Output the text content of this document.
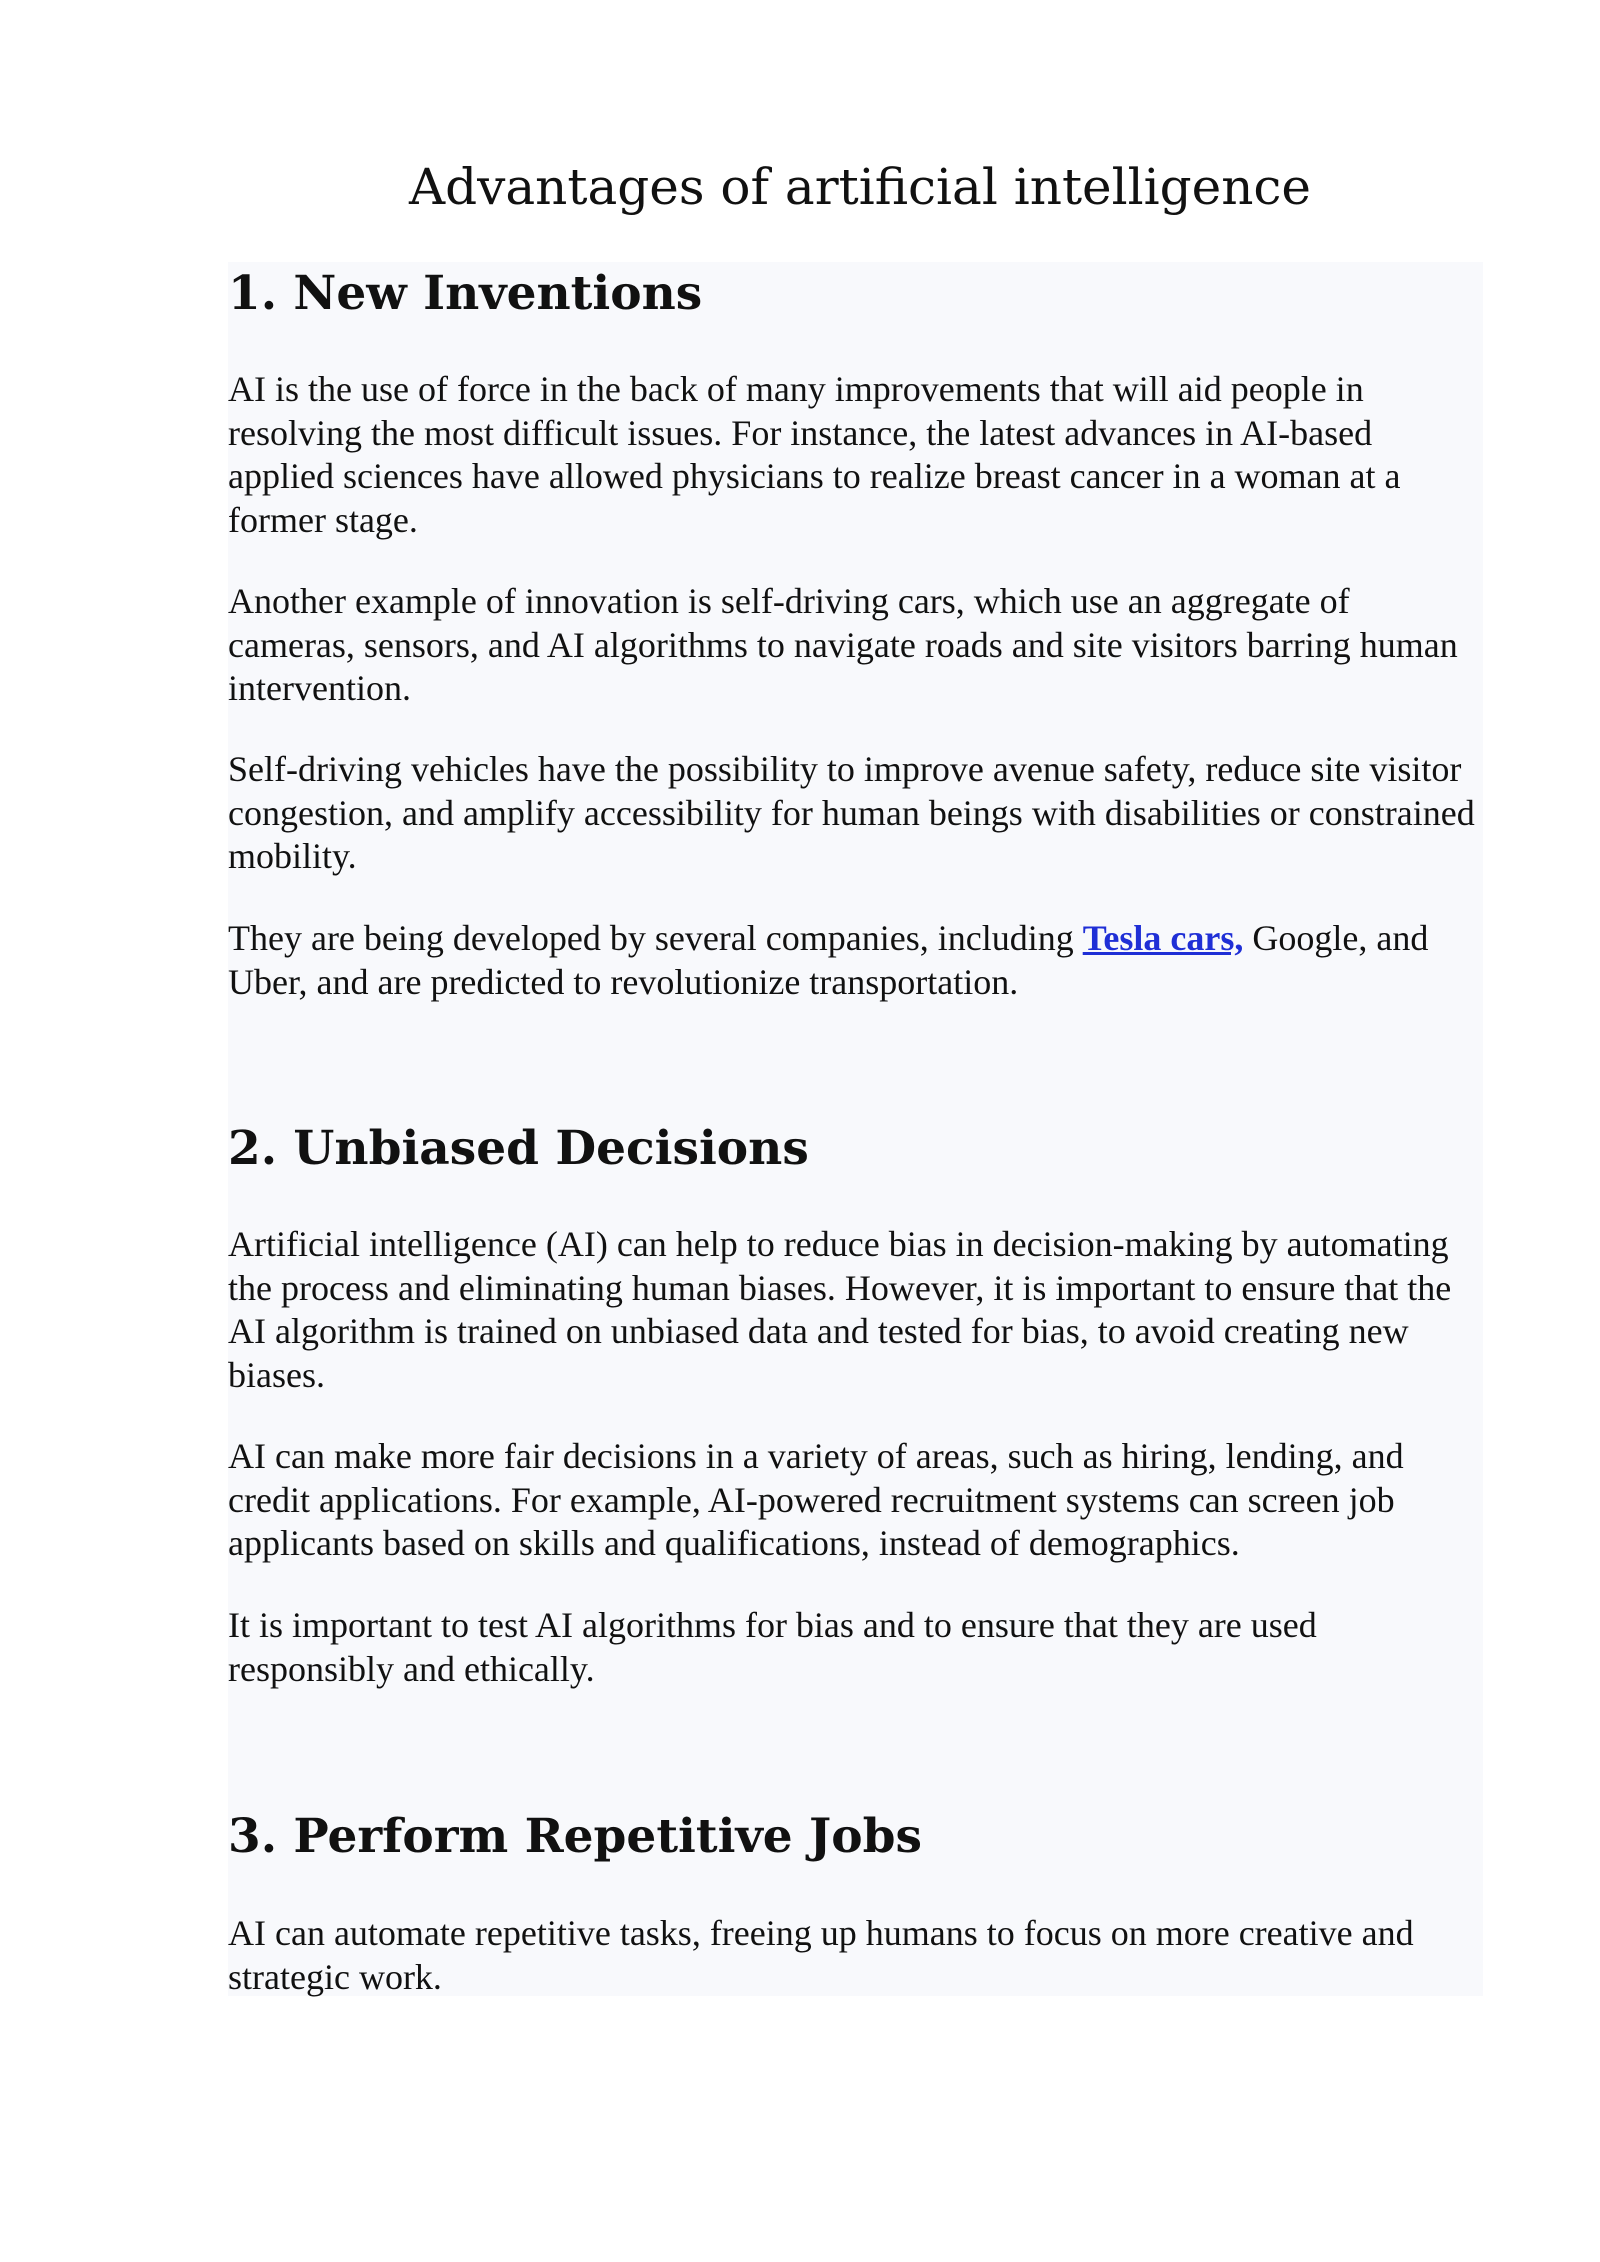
Advantages of artificial intelligence
1. New Inventions

AI is the use of force in the back of many improvements that will aid people in resolving the most difficult issues. For instance, the latest advances in AI-based applied sciences have allowed physicians to realize breast cancer in a woman at a former stage.

Another example of innovation is self-driving cars, which use an aggregate of cameras, sensors, and AI algorithms to navigate roads and site visitors barring human intervention.

Self-driving vehicles have the possibility to improve avenue safety, reduce site visitor congestion, and amplify accessibility for human beings with disabilities or constrained mobility.

They are being developed by several companies, including Tesla cars, Google, and Uber, and are predicted to revolutionize transportation.

2. Unbiased Decisions

Artificial intelligence (AI) can help to reduce bias in decision-making by automating the process and eliminating human biases. However, it is important to ensure that the AI algorithm is trained on unbiased data and tested for bias, to avoid creating new biases.

AI can make more fair decisions in a variety of areas, such as hiring, lending, and credit applications. For example, AI-powered recruitment systems can screen job applicants based on skills and qualifications, instead of demographics.

It is important to test AI algorithms for bias and to ensure that they are used responsibly and ethically.

3. Perform Repetitive Jobs

AI can automate repetitive tasks, freeing up humans to focus on more creative and strategic work.
